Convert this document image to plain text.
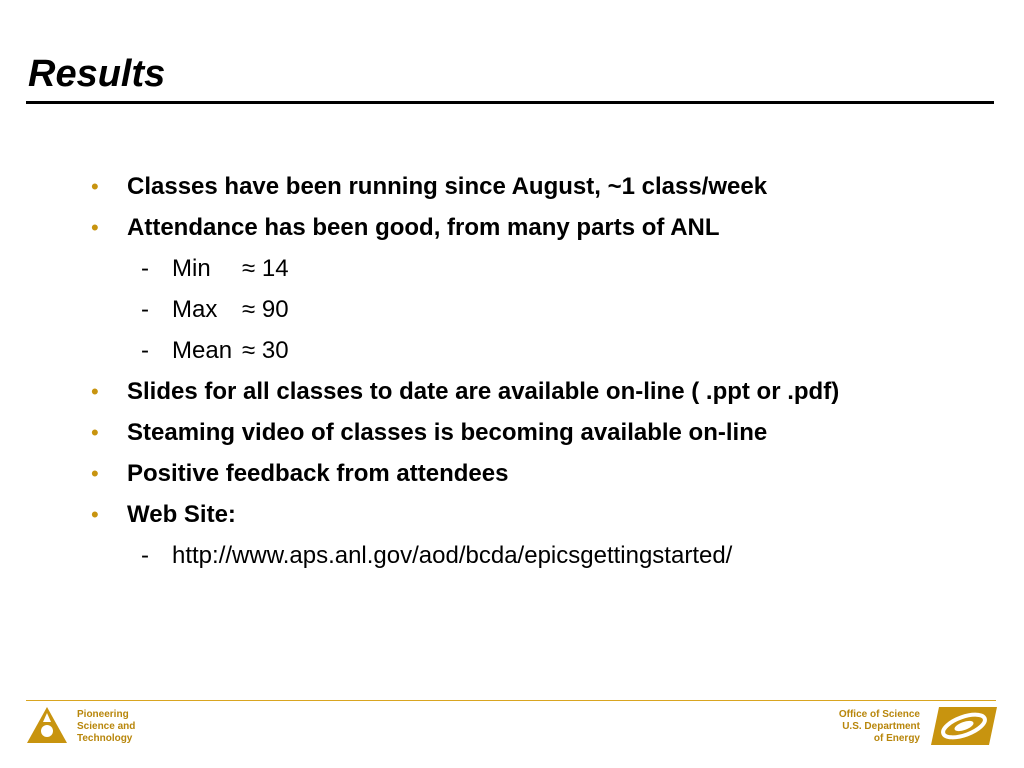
Results
• Classes have been running since August, ~1 class/week
• Attendance has been good, from many parts of ANL
- Min ≈ 14
- Max ≈ 90
- Mean ≈ 30
• Slides for all classes to date are available on-line ( .ppt or .pdf)
• Steaming video of classes is becoming available on-line
• Positive feedback from attendees
• Web Site:
- http://www.aps.anl.gov/aod/bcda/epicsgettingstarted/
Pioneering
Science and
Technology
Office of Science
U.S. Department
of Energy
